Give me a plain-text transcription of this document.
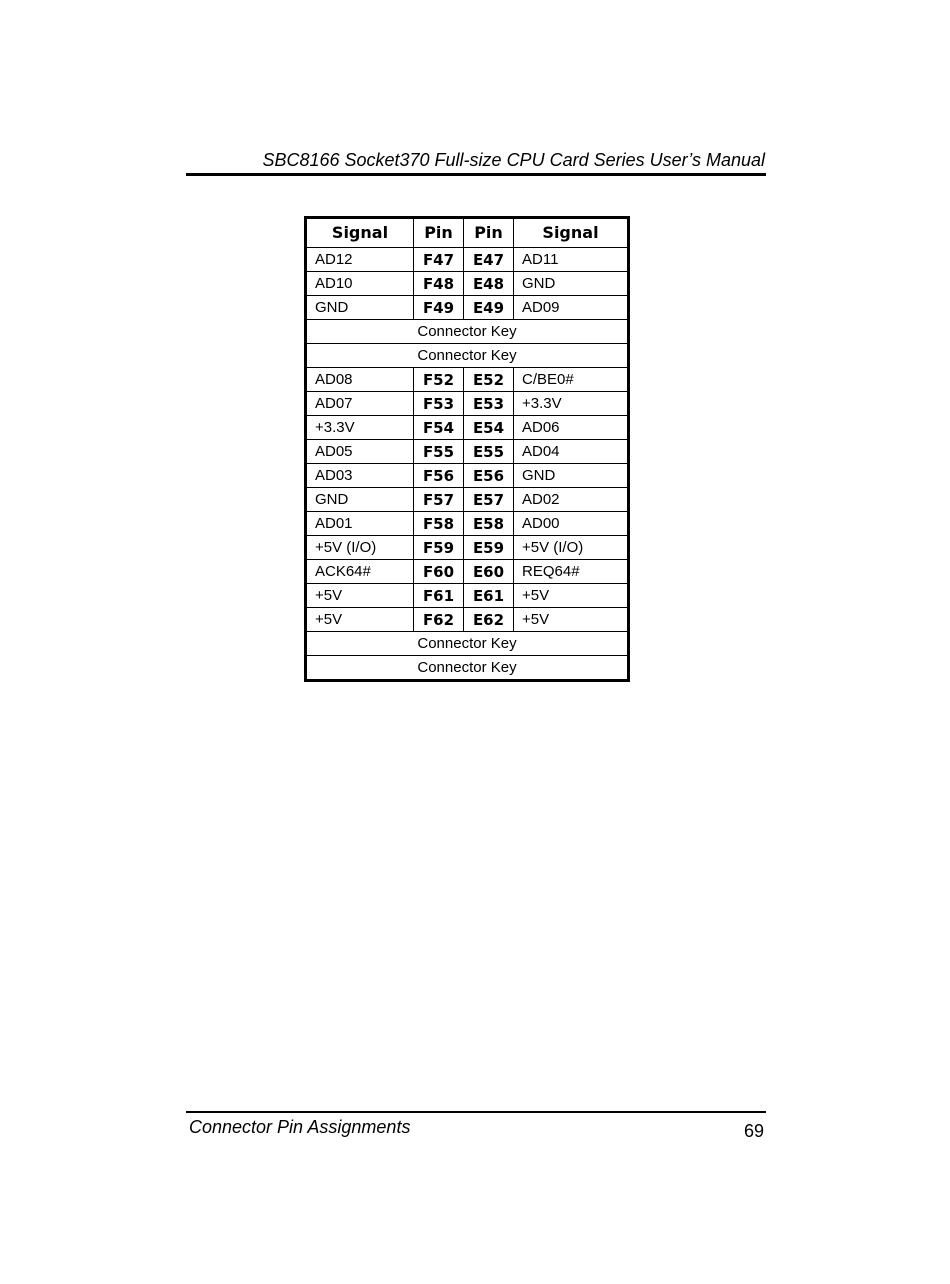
SBC8166 Socket370 Full-size CPU Card Series User’s Manual
Signal	Pin	Pin	Signal
AD12	F47	E47	AD11
AD10	F48	E48	GND
GND	F49	E49	AD09
Connector Key			
Connector Key			
AD08	F52	E52	C/BE0#
AD07	F53	E53	+3.3V
+3.3V	F54	E54	AD06
AD05	F55	E55	AD04
AD03	F56	E56	GND
GND	F57	E57	AD02
AD01	F58	E58	AD00
+5V (I/O)	F59	E59	+5V (I/O)
ACK64#	F60	E60	REQ64#
+5V	F61	E61	+5V
+5V	F62	E62	+5V
Connector Key			
Connector Key			
Connector Pin Assignments	69
